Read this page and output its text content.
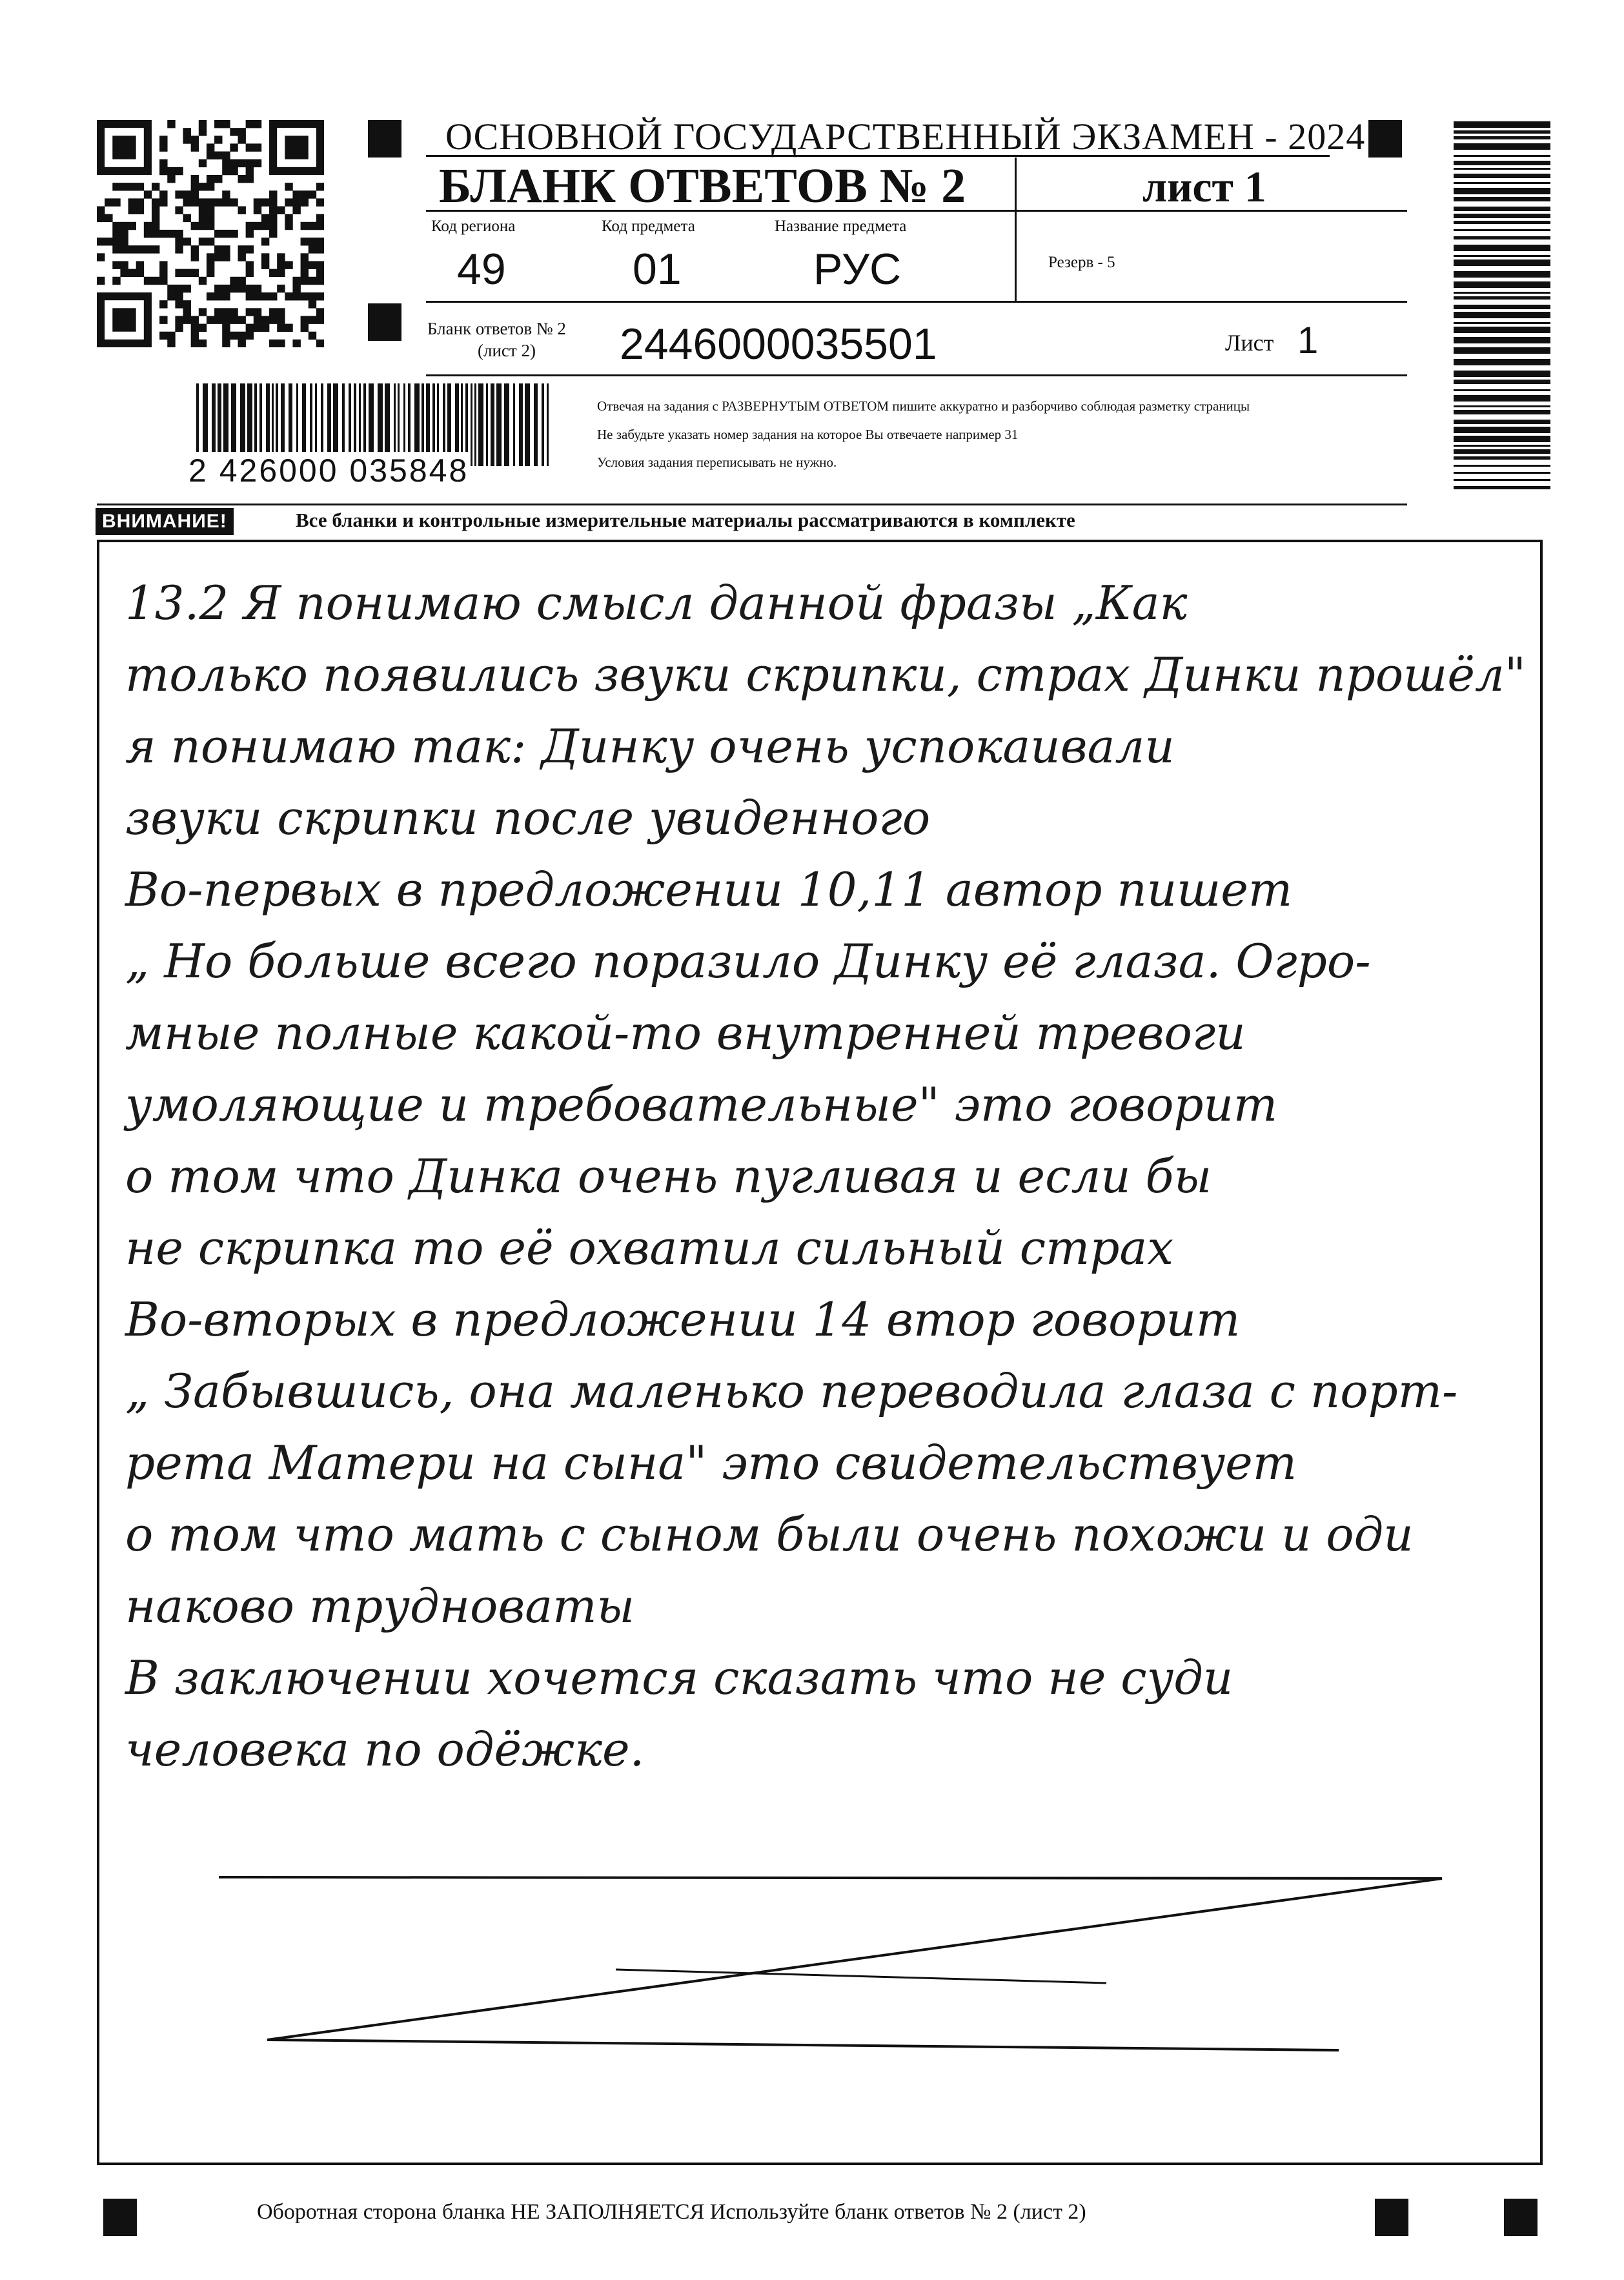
ОСНОВНОЙ ГОСУДАРСТВЕННЫЙ ЭКЗАМЕН - 2024
БЛАНК ОТВЕТОВ № 2	лист 1
Код региона	Код предмета	Название предмета
49	01	РУС	Резерв - 5
Бланк ответов № 2
(лист 2) 2446000035501	Лист 1
2 426000 035848
Отвечая на задания с РАЗВЕРНУТЫМ ОТВЕТОМ пишите аккуратно и разборчиво соблюдая разметку страницы
Не забудьте указать номер задания на которое Вы отвечаете например 31
Условия задания переписывать не нужно.
ВНИМАНИЕ!	Все бланки и контрольные измерительные материалы рассматриваются в комплекте
13.2 Я понимаю смысл данной фразы „Как
только появились звуки скрипки, страх Динки прошёл"
я понимаю так: Динку очень успокаивали
звуки скрипки после увиденного
Во-первых в предложении 10,11 автор пишет
„ Но больше всего поразило Динку её глаза. Огро-
мные полные какой-то внутренней тревоги
умоляющие и требовательные" это говорит
о том что Динка очень пугливая и если бы
не скрипка то её охватил сильный страх
Во-вторых в предложении 14 втор говорит
„ Забывшись, она маленько переводила глаза с порт-
рета Матери на сына" это свидетельствует
о том что мать с сыном были очень похожи и оди
наково трудноваты
В заключении хочется сказать что не суди
человека по одёжке.
Оборотная сторона бланка НЕ ЗАПОЛНЯЕТСЯ Используйте бланк ответов № 2 (лист 2)
